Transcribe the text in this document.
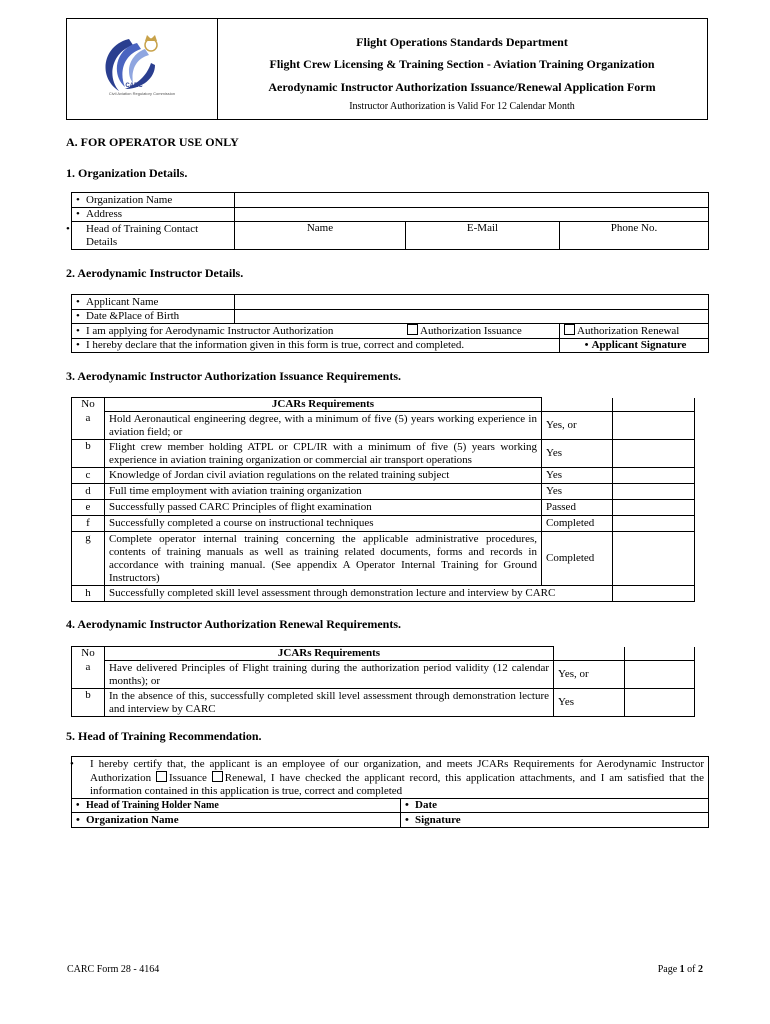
CARC
Civil Aviation Regulatory Commission
Flight Operations Standards Department
Flight Crew Licensing & Training Section - Aviation Training Organization
Aerodynamic Instructor Authorization Issuance/Renewal Application Form
Instructor Authorization is Valid For 12 Calendar Month
A. FOR OPERATOR USE ONLY
1. Organization Details.
• Organization Name	
• Address	
• Head of Training Contact Details	Name	E-Mail	Phone No.
2. Aerodynamic Instructor Details.
• Applicant Name	
• Date &Place of Birth	
• I am applying for Aerodynamic Instructor Authorization		Authorization Issuance	Authorization Renewal
• I hereby declare that the information given in this form is true, correct and completed.			• Applicant Signature
3. Aerodynamic Instructor Authorization Issuance Requirements.
No	JCARs Requirements		
a	Hold Aeronautical engineering degree, with a minimum of five (5) years working experience in aviation field; or	Yes, or	
b	Flight crew member holding ATPL or CPL/IR with a minimum of five (5) years working experience in aviation training organization or commercial air transport operations	Yes	
c	Knowledge of Jordan civil aviation regulations on the related training subject	Yes	
d	Full time employment with aviation training organization	Yes	
e	Successfully passed CARC Principles of flight examination	Passed	
f	Successfully completed a course on instructional techniques	Completed	
g	Complete operator internal training concerning the applicable administrative procedures, contents of training manuals as well as training related documents, forms and records in accordance with training manual. (See appendix A Operator Internal Training for Ground Instructors)	Completed	
h	Successfully completed skill level assessment through demonstration lecture and interview by CARC		
4. Aerodynamic Instructor Authorization Renewal Requirements.
No	JCARs Requirements		
a	Have delivered Principles of Flight training during the authorization period validity (12 calendar months); or	Yes, or	
b	In the absence of this, successfully completed skill level assessment through demonstration lecture and interview by CARC	Yes	
5. Head of Training Recommendation.
• I hereby certify that, the applicant is an employee of our organization, and meets JCARs Requirements for Aerodynamic Instructor Authorization Issuance Renewal, I have checked the applicant record, this application attachments, and I am satisfied that the information contained in this application is true, correct and completed
• Head of Training Holder Name	• Date
• Organization Name	• Signature
CARC Form 28 - 4164	Page 1 of 2
